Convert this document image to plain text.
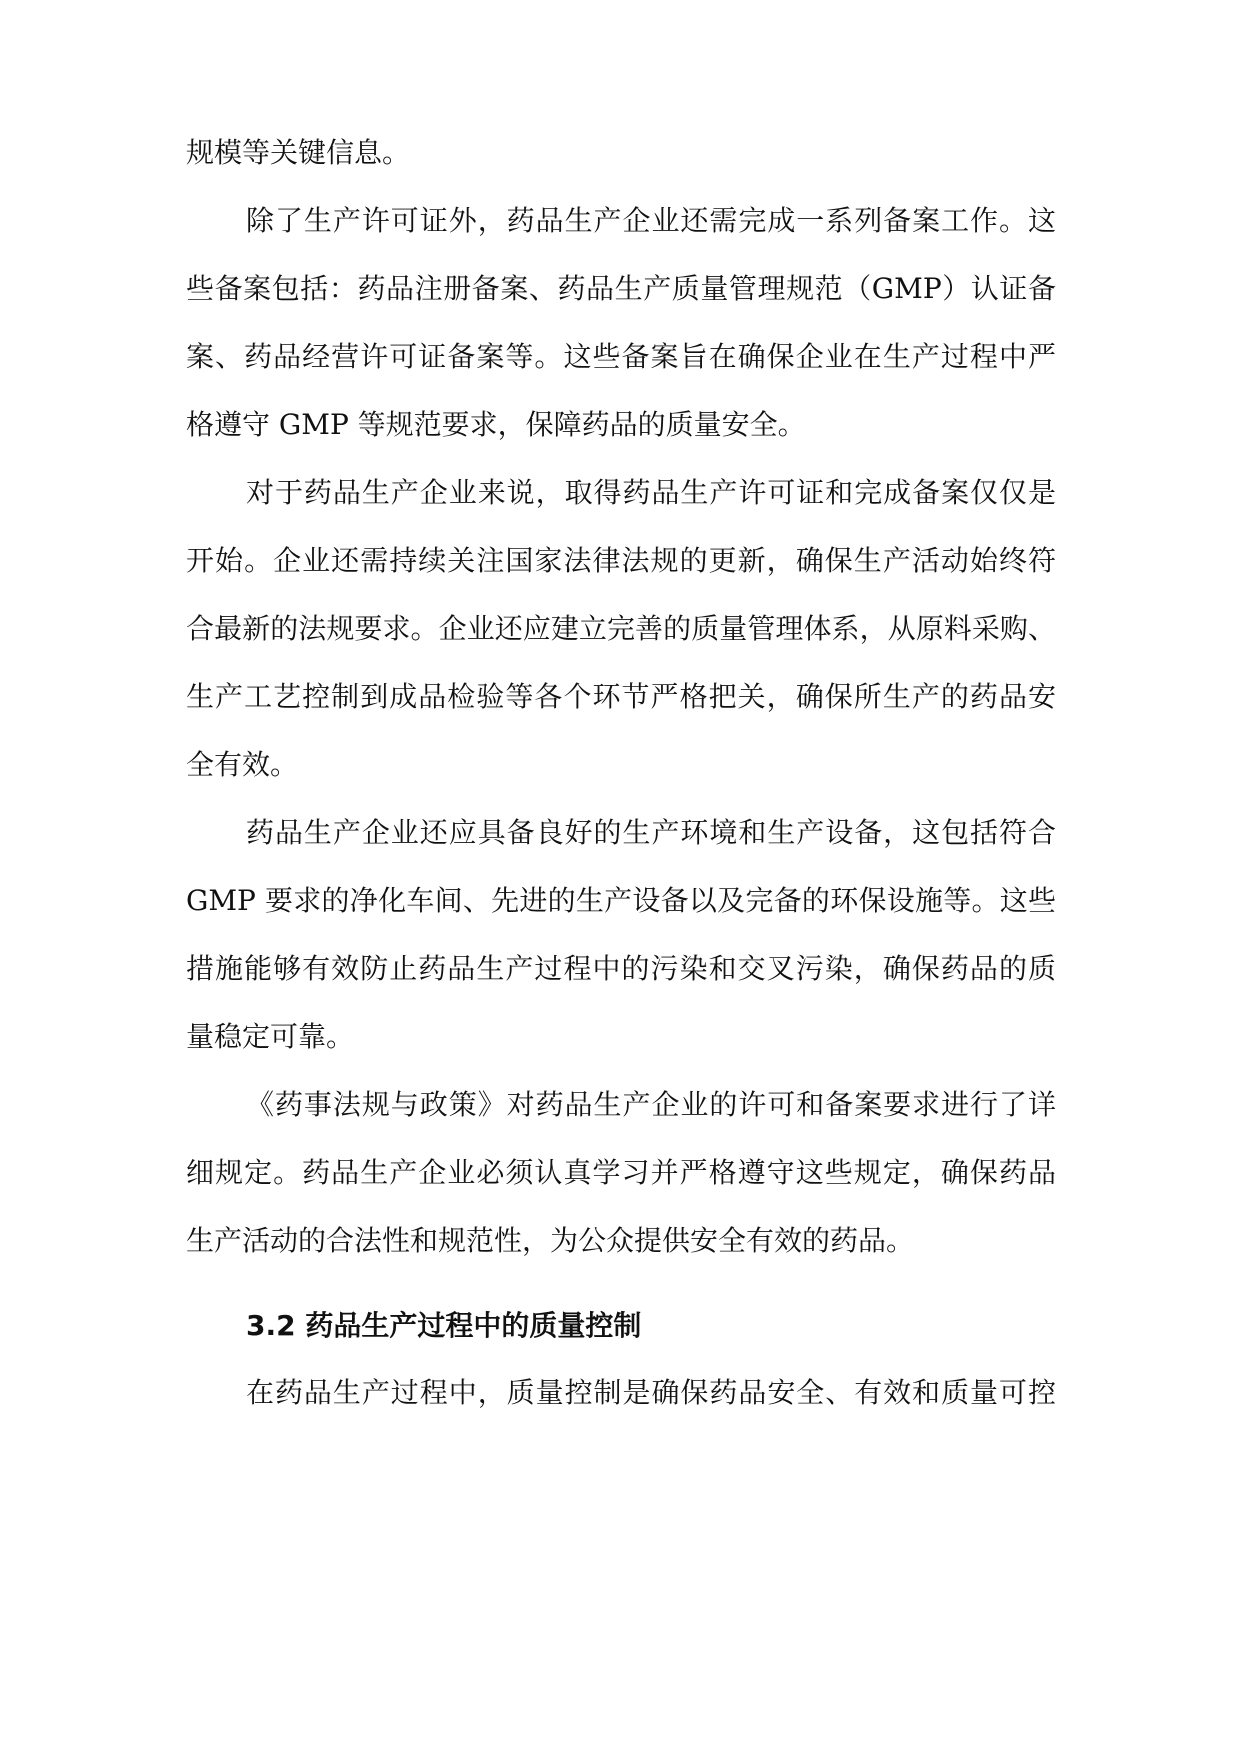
规模等关键信息。
除了生产许可证外，药品生产企业还需完成一系列备案工作。这
些备案包括：药品注册备案、药品生产质量管理规范（GMP）认证备
案、药品经营许可证备案等。这些备案旨在确保企业在生产过程中严
格遵守 GMP 等规范要求，保障药品的质量安全。
对于药品生产企业来说，取得药品生产许可证和完成备案仅仅是
开始。企业还需持续关注国家法律法规的更新，确保生产活动始终符
合最新的法规要求。企业还应建立完善的质量管理体系，从原料采购、
生产工艺控制到成品检验等各个环节严格把关，确保所生产的药品安
全有效。
药品生产企业还应具备良好的生产环境和生产设备，这包括符合
GMP 要求的净化车间、先进的生产设备以及完备的环保设施等。这些
措施能够有效防止药品生产过程中的污染和交叉污染，确保药品的质
量稳定可靠。
《药事法规与政策》对药品生产企业的许可和备案要求进行了详
细规定。药品生产企业必须认真学习并严格遵守这些规定，确保药品
生产活动的合法性和规范性，为公众提供安全有效的药品。
3.2 药品生产过程中的质量控制
在药品生产过程中，质量控制是确保药品安全、有效和质量可控
